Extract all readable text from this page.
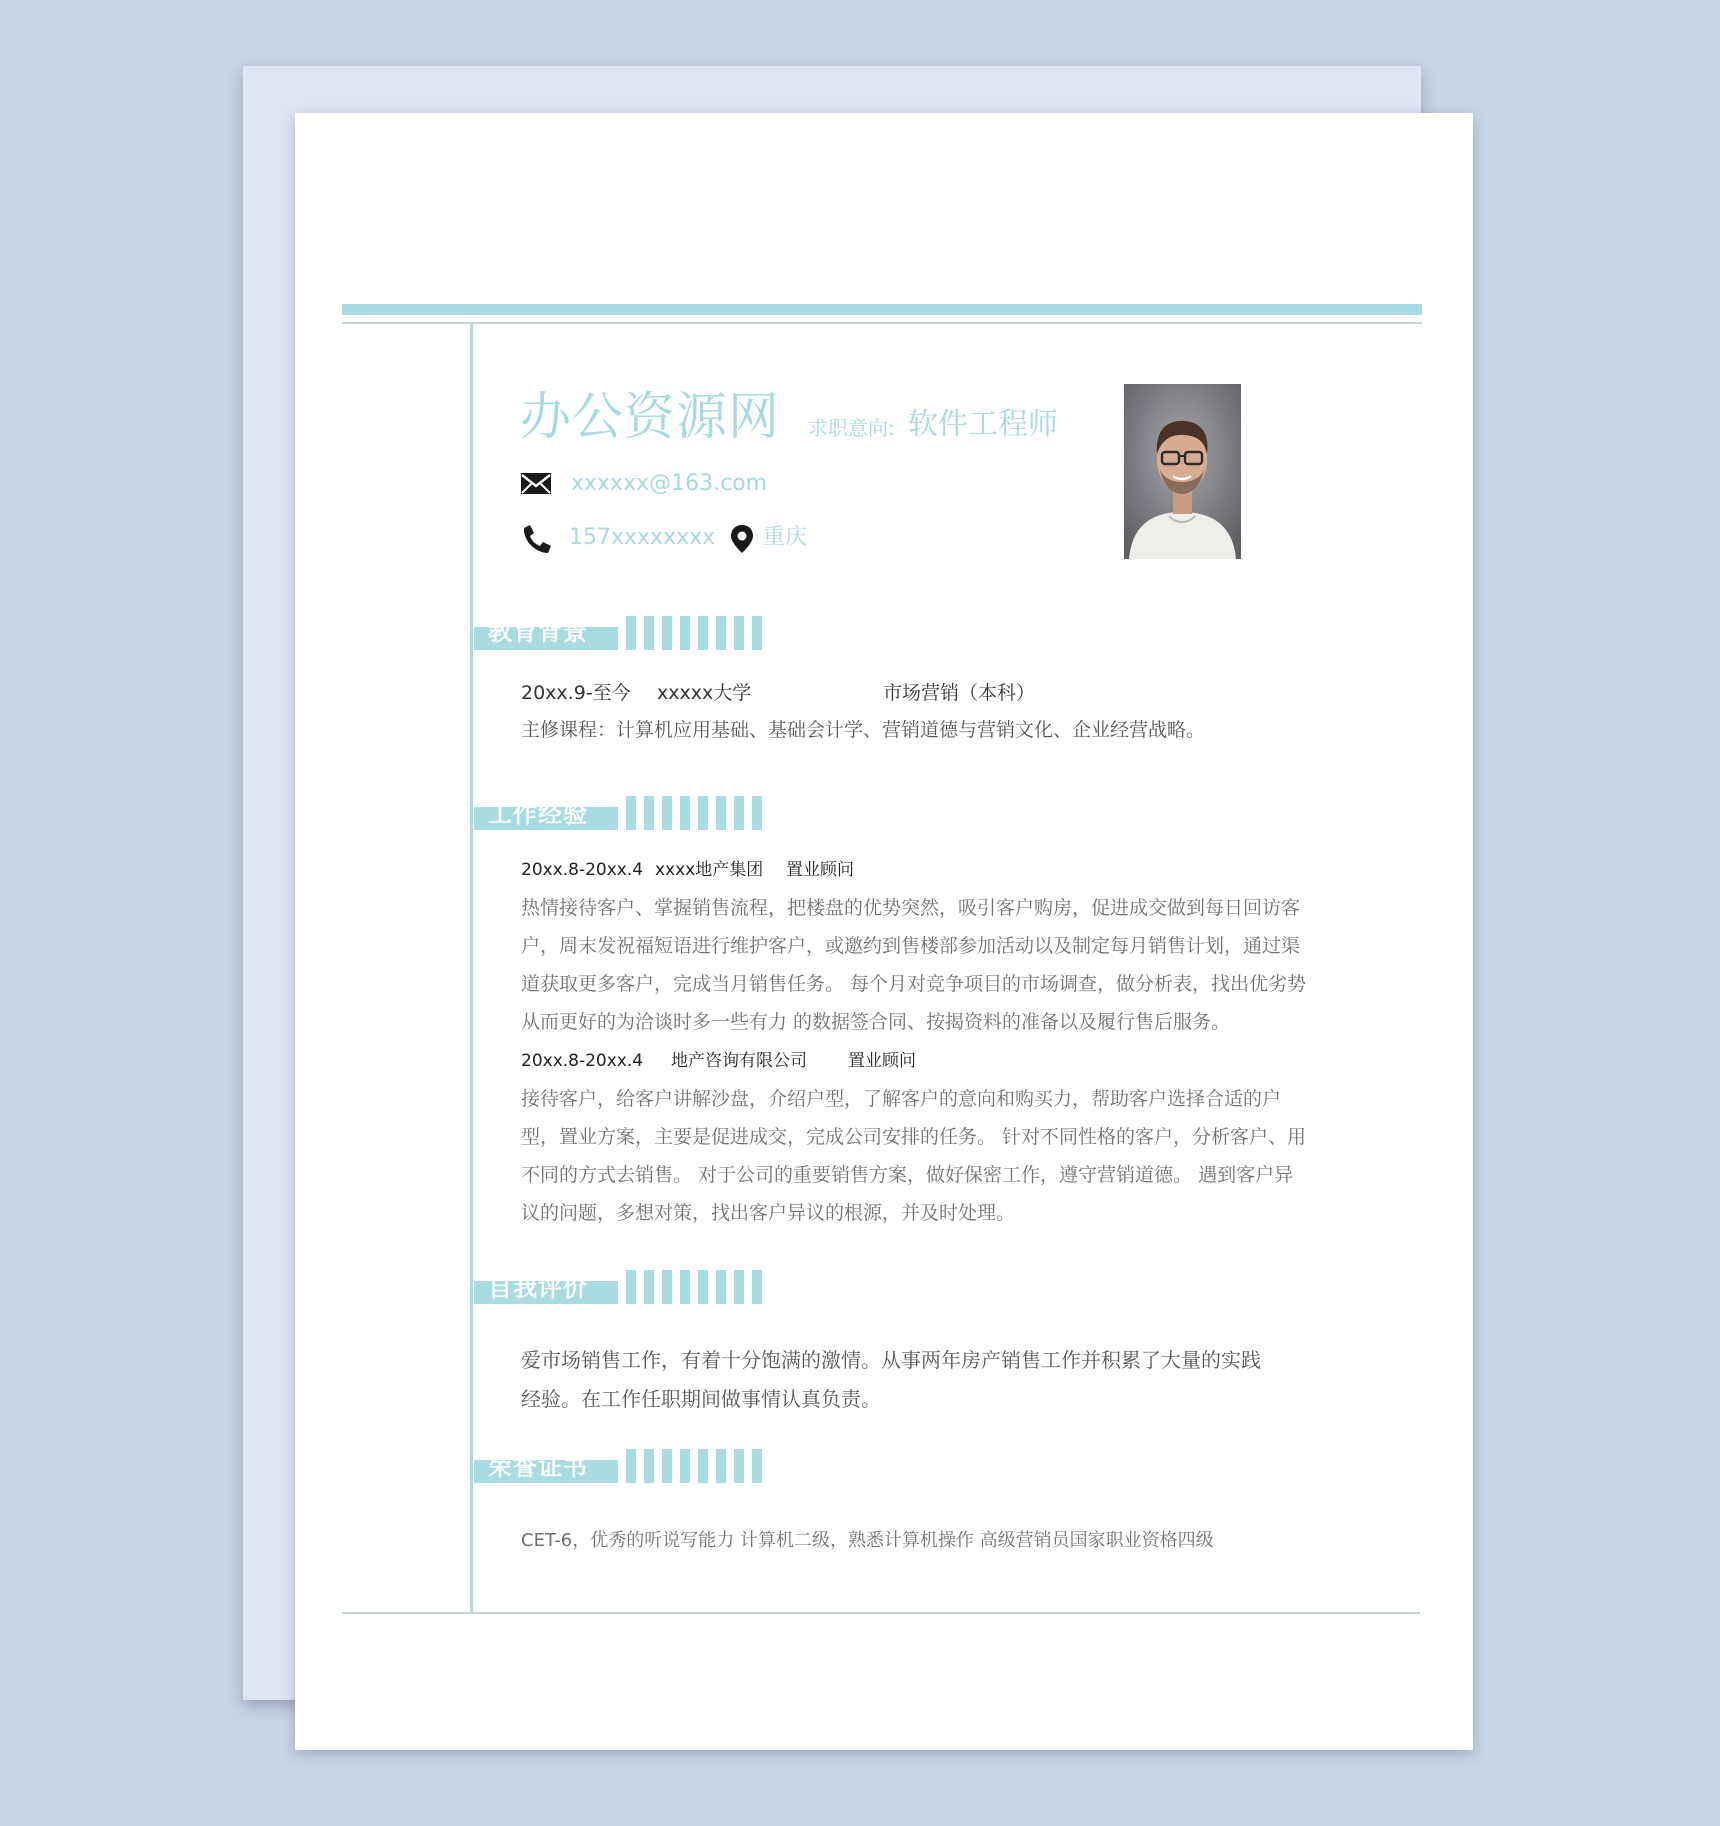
办公资源网 求职意向: 软件工程师
xxxxxx@163.com
157xxxxxxxx 重庆
教育背景
20xx.9-至今 xxxxx大学	市场营销（本科）
主修课程：计算机应用基础、基础会计学、营销道德与营销文化、企业经营战略。
工作经验
20xx.8-20xx.4 xxxx地产集团 置业顾问
热情接待客户、掌握销售流程，把楼盘的优势突然，吸引客户购房，促进成交做到每日回访客
户，周末发祝福短语进行维护客户，或邀约到售楼部参加活动以及制定每月销售计划，通过渠
道获取更多客户，完成当月销售任务。 每个月对竞争项目的市场调查，做分析表，找出优劣势
从而更好的为洽谈时多一些有力 的数据签合同、按揭资料的准备以及履行售后服务。
20xx.8-20xx.4 地产咨询有限公司 置业顾问
接待客户，给客户讲解沙盘，介绍户型，了解客户的意向和购买力，帮助客户选择合适的户
型，置业方案，主要是促进成交，完成公司安排的任务。 针对不同性格的客户，分析客户、用
不同的方式去销售。 对于公司的重要销售方案，做好保密工作，遵守营销道德。 遇到客户异
议的问题，多想对策，找出客户异议的根源，并及时处理。
自我评价
爱市场销售工作，有着十分饱满的激情。从事两年房产销售工作并积累了大量的实践
经验。在工作任职期间做事情认真负责。
荣誉证书
CET-6，优秀的听说写能力 计算机二级，熟悉计算机操作 高级营销员国家职业资格四级
